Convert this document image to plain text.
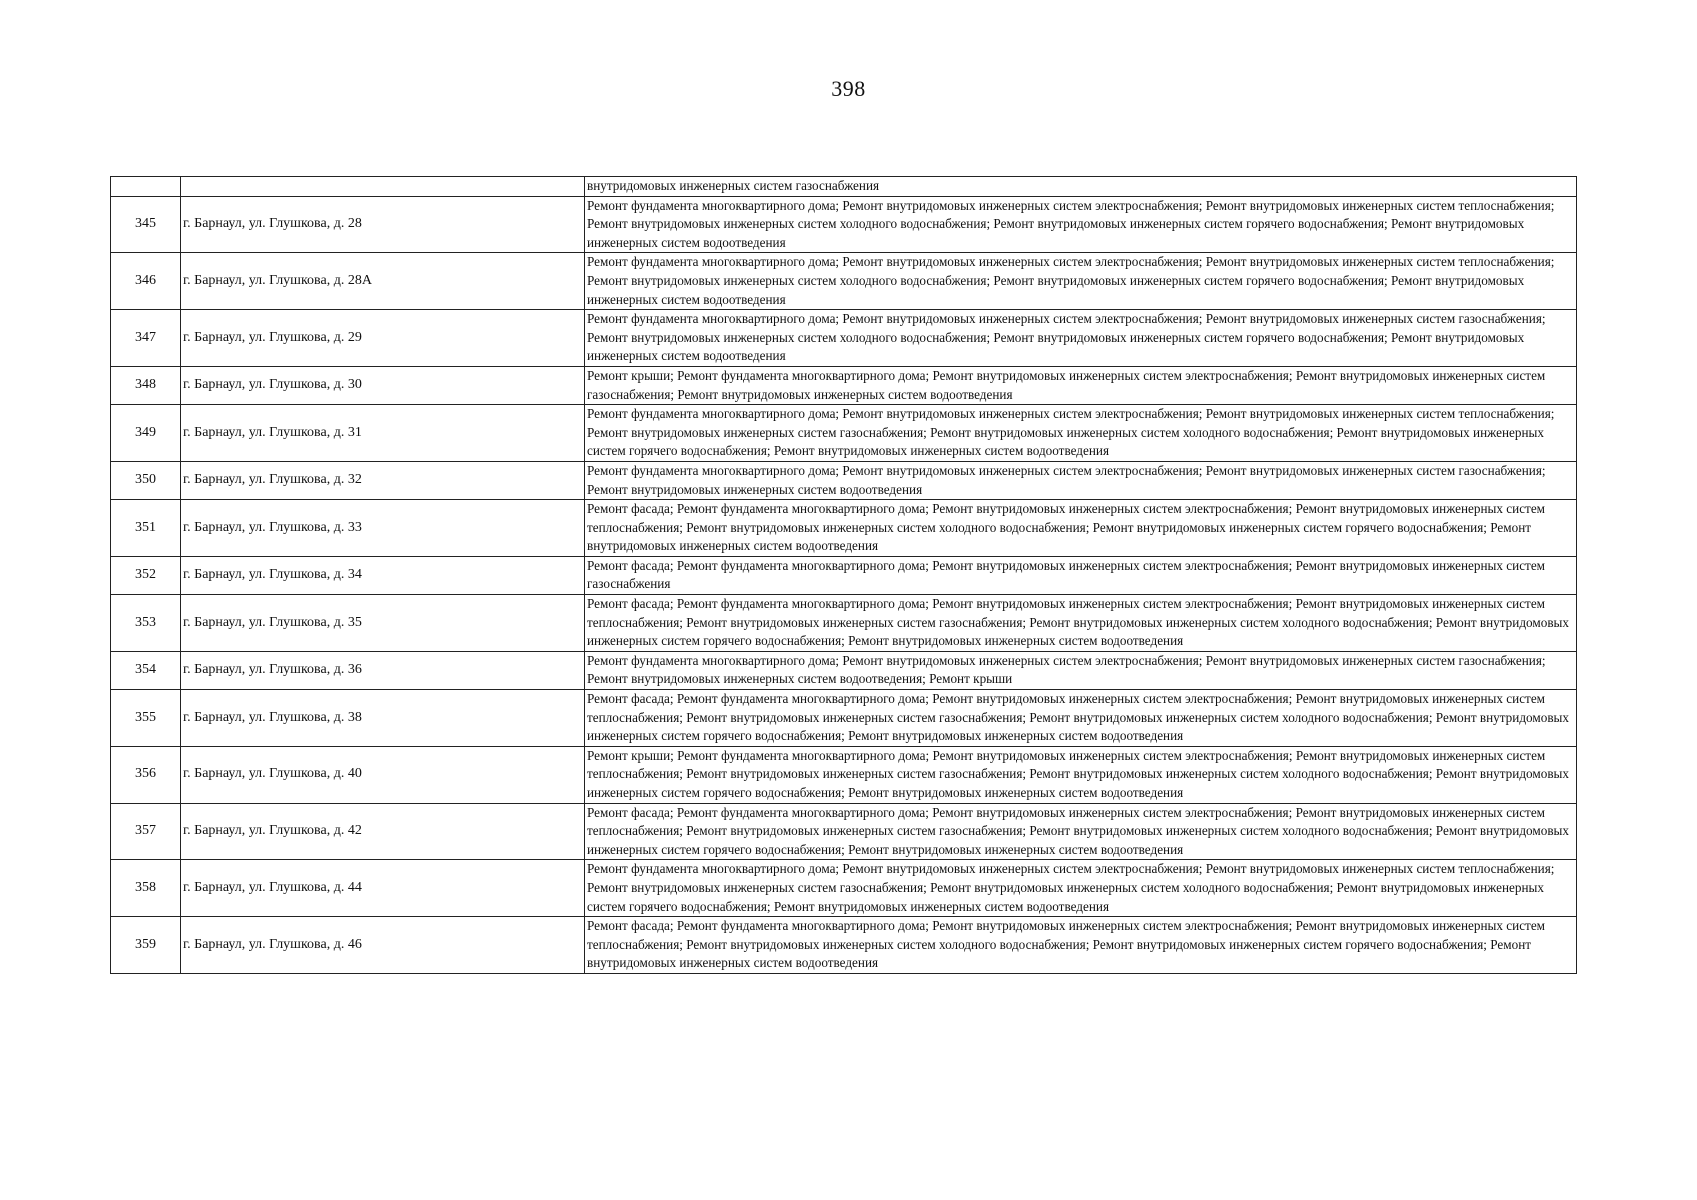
398
		внутридомовых инженерных систем газоснабжения
345	г. Барнаул, ул. Глушкова, д. 28	Ремонт фундамента многоквартирного дома; Ремонт внутридомовых инженерных систем электроснабжения; Ремонт внутридомовых инженерных систем теплоснабжения; Ремонт внутридомовых инженерных систем холодного водоснабжения; Ремонт внутридомовых инженерных систем горячего водоснабжения; Ремонт внутридомовых инженерных систем водоотведения
346	г. Барнаул, ул. Глушкова, д. 28А	Ремонт фундамента многоквартирного дома; Ремонт внутридомовых инженерных систем электроснабжения; Ремонт внутридомовых инженерных систем теплоснабжения; Ремонт внутридомовых инженерных систем холодного водоснабжения; Ремонт внутридомовых инженерных систем горячего водоснабжения; Ремонт внутридомовых инженерных систем водоотведения
347	г. Барнаул, ул. Глушкова, д. 29	Ремонт фундамента многоквартирного дома; Ремонт внутридомовых инженерных систем электроснабжения; Ремонт внутридомовых инженерных систем газоснабжения; Ремонт внутридомовых инженерных систем холодного водоснабжения; Ремонт внутридомовых инженерных систем горячего водоснабжения; Ремонт внутридомовых инженерных систем водоотведения
348	г. Барнаул, ул. Глушкова, д. 30	Ремонт крыши; Ремонт фундамента многоквартирного дома; Ремонт внутридомовых инженерных систем электроснабжения; Ремонт внутридомовых инженерных систем газоснабжения; Ремонт внутридомовых инженерных систем водоотведения
349	г. Барнаул, ул. Глушкова, д. 31	Ремонт фундамента многоквартирного дома; Ремонт внутридомовых инженерных систем электроснабжения; Ремонт внутридомовых инженерных систем теплоснабжения; Ремонт внутридомовых инженерных систем газоснабжения; Ремонт внутридомовых инженерных систем холодного водоснабжения; Ремонт внутридомовых инженерных систем горячего водоснабжения; Ремонт внутридомовых инженерных систем водоотведения
350	г. Барнаул, ул. Глушкова, д. 32	Ремонт фундамента многоквартирного дома; Ремонт внутридомовых инженерных систем электроснабжения; Ремонт внутридомовых инженерных систем газоснабжения; Ремонт внутридомовых инженерных систем водоотведения
351	г. Барнаул, ул. Глушкова, д. 33	Ремонт фасада; Ремонт фундамента многоквартирного дома; Ремонт внутридомовых инженерных систем электроснабжения; Ремонт внутридомовых инженерных систем теплоснабжения; Ремонт внутридомовых инженерных систем холодного водоснабжения; Ремонт внутридомовых инженерных систем горячего водоснабжения; Ремонт внутридомовых инженерных систем водоотведения
352	г. Барнаул, ул. Глушкова, д. 34	Ремонт фасада; Ремонт фундамента многоквартирного дома; Ремонт внутридомовых инженерных систем электроснабжения; Ремонт внутридомовых инженерных систем газоснабжения
353	г. Барнаул, ул. Глушкова, д. 35	Ремонт фасада; Ремонт фундамента многоквартирного дома; Ремонт внутридомовых инженерных систем электроснабжения; Ремонт внутридомовых инженерных систем теплоснабжения; Ремонт внутридомовых инженерных систем газоснабжения; Ремонт внутридомовых инженерных систем холодного водоснабжения; Ремонт внутридомовых инженерных систем горячего водоснабжения; Ремонт внутридомовых инженерных систем водоотведения
354	г. Барнаул, ул. Глушкова, д. 36	Ремонт фундамента многоквартирного дома; Ремонт внутридомовых инженерных систем электроснабжения; Ремонт внутридомовых инженерных систем газоснабжения; Ремонт внутридомовых инженерных систем водоотведения; Ремонт крыши
355	г. Барнаул, ул. Глушкова, д. 38	Ремонт фасада; Ремонт фундамента многоквартирного дома; Ремонт внутридомовых инженерных систем электроснабжения; Ремонт внутридомовых инженерных систем теплоснабжения; Ремонт внутридомовых инженерных систем газоснабжения; Ремонт внутридомовых инженерных систем холодного водоснабжения; Ремонт внутридомовых инженерных систем горячего водоснабжения; Ремонт внутридомовых инженерных систем водоотведения
356	г. Барнаул, ул. Глушкова, д. 40	Ремонт крыши; Ремонт фундамента многоквартирного дома; Ремонт внутридомовых инженерных систем электроснабжения; Ремонт внутридомовых инженерных систем теплоснабжения; Ремонт внутридомовых инженерных систем газоснабжения; Ремонт внутридомовых инженерных систем холодного водоснабжения; Ремонт внутридомовых инженерных систем горячего водоснабжения; Ремонт внутридомовых инженерных систем водоотведения
357	г. Барнаул, ул. Глушкова, д. 42	Ремонт фасада; Ремонт фундамента многоквартирного дома; Ремонт внутридомовых инженерных систем электроснабжения; Ремонт внутридомовых инженерных систем теплоснабжения; Ремонт внутридомовых инженерных систем газоснабжения; Ремонт внутридомовых инженерных систем холодного водоснабжения; Ремонт внутридомовых инженерных систем горячего водоснабжения; Ремонт внутридомовых инженерных систем водоотведения
358	г. Барнаул, ул. Глушкова, д. 44	Ремонт фундамента многоквартирного дома; Ремонт внутридомовых инженерных систем электроснабжения; Ремонт внутридомовых инженерных систем теплоснабжения; Ремонт внутридомовых инженерных систем газоснабжения; Ремонт внутридомовых инженерных систем холодного водоснабжения; Ремонт внутридомовых инженерных систем горячего водоснабжения; Ремонт внутридомовых инженерных систем водоотведения
359	г. Барнаул, ул. Глушкова, д. 46	Ремонт фасада; Ремонт фундамента многоквартирного дома; Ремонт внутридомовых инженерных систем электроснабжения; Ремонт внутридомовых инженерных систем теплоснабжения; Ремонт внутридомовых инженерных систем холодного водоснабжения; Ремонт внутридомовых инженерных систем горячего водоснабжения; Ремонт внутридомовых инженерных систем водоотведения
